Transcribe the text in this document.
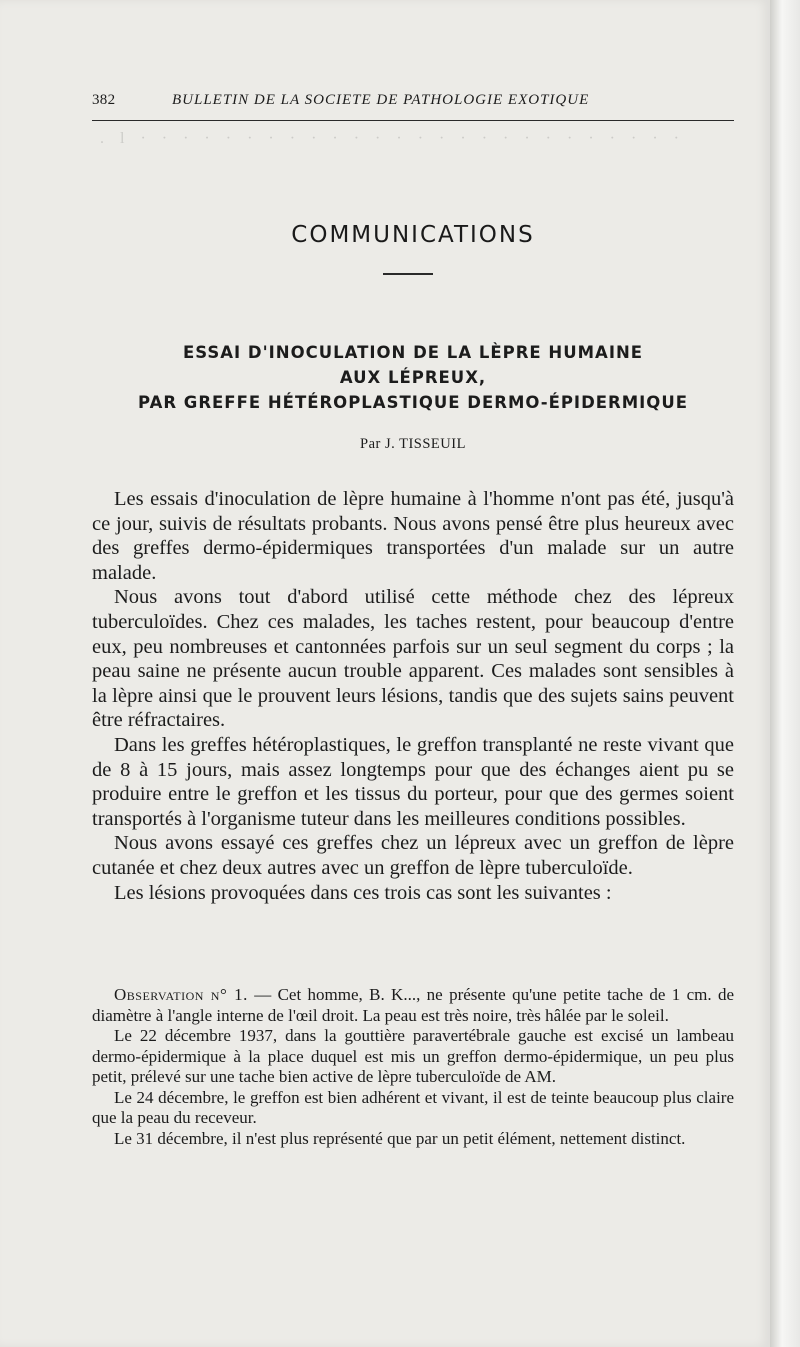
382	BULLETIN DE LA SOCIETE DE PATHOLOGIE EXOTIQUE
. l · · · · · · · · · · · · · · · · · · · · · · · · · ·
COMMUNICATIONS
ESSAI D'INOCULATION DE LA LÈPRE HUMAINE
AUX LÉPREUX,
PAR GREFFE HÉTÉROPLASTIQUE DERMO-ÉPIDERMIQUE
Par J. TISSEUIL

Les essais d'inoculation de lèpre humaine à l'homme n'ont pas été, jusqu'à ce jour, suivis de résultats probants. Nous avons pensé être plus heureux avec des greffes dermo-épidermiques transportées d'un malade sur un autre malade.

Nous avons tout d'abord utilisé cette méthode chez des lépreux tuberculoïdes. Chez ces malades, les taches restent, pour beaucoup d'entre eux, peu nombreuses et cantonnées parfois sur un seul segment du corps ; la peau saine ne présente aucun trouble apparent. Ces malades sont sensibles à la lèpre ainsi que le prouvent leurs lésions, tandis que des sujets sains peuvent être réfractaires.

Dans les greffes hétéroplastiques, le greffon transplanté ne reste vivant que de 8 à 15 jours, mais assez longtemps pour que des échanges aient pu se produire entre le greffon et les tissus du porteur, pour que des germes soient transportés à l'organisme tuteur dans les meilleures conditions possibles.

Nous avons essayé ces greffes chez un lépreux avec un greffon de lèpre cutanée et chez deux autres avec un greffon de lèpre tuberculoïde.

Les lésions provoquées dans ces trois cas sont les suivantes :

Observation n° 1. — Cet homme, B. K..., ne présente qu'une petite tache de 1 cm. de diamètre à l'angle interne de l'œil droit. La peau est très noire, très hâlée par le soleil.

Le 22 décembre 1937, dans la gouttière paravertébrale gauche est excisé un lambeau dermo-épidermique à la place duquel est mis un greffon dermo-épidermique, un peu plus petit, prélevé sur une tache bien active de lèpre tuberculoïde de AM.

Le 24 décembre, le greffon est bien adhérent et vivant, il est de teinte beaucoup plus claire que la peau du receveur.

Le 31 décembre, il n'est plus représenté que par un petit élément, nettement distinct.
